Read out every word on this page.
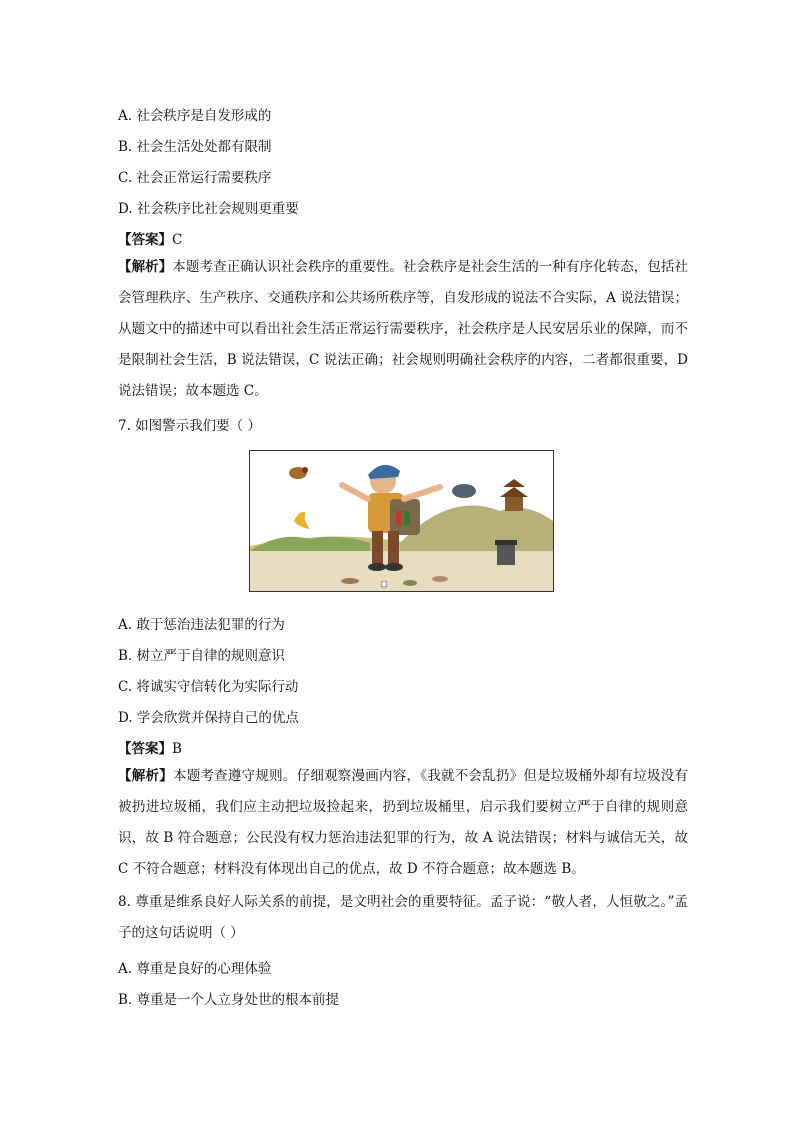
A. 社会秩序是自发形成的
B. 社会生活处处都有限制
C. 社会正常运行需要秩序
D. 社会秩序比社会规则更重要
【答案】C
【解析】本题考查正确认识社会秩序的重要性。社会秩序是社会生活的一种有序化转态，包括社会管理秩序、生产秩序、交通秩序和公共场所秩序等，自发形成的说法不合实际，A 说法错误；从题文中的描述中可以看出社会生活正常运行需要秩序，社会秩序是人民安居乐业的保障，而不是限制社会生活，B 说法错误，C 说法正确；社会规则明确社会秩序的内容，二者都很重要，D 说法错误；故本题选 C。
7. 如图警示我们要（ ）
A. 敢于惩治违法犯罪的行为
B. 树立严于自律的规则意识
C. 将诚实守信转化为实际行动
D. 学会欣赏并保持自己的优点
【答案】B
【解析】本题考查遵守规则。仔细观察漫画内容，《我就不会乱扔》但是垃圾桶外却有垃圾没有被扔进垃圾桶，我们应主动把垃圾捡起来，扔到垃圾桶里，启示我们要树立严于自律的规则意识，故 B 符合题意；公民没有权力惩治违法犯罪的行为，故 A 说法错误；材料与诚信无关，故 C 不符合题意；材料没有体现出自己的优点，故 D 不符合题意；故本题选 B。
8. 尊重是维系良好人际关系的前提，是文明社会的重要特征。孟子说：“敬人者，人恒敬之。”孟子的这句话说明（ ）
A. 尊重是良好的心理体验
B. 尊重是一个人立身处世的根本前提
